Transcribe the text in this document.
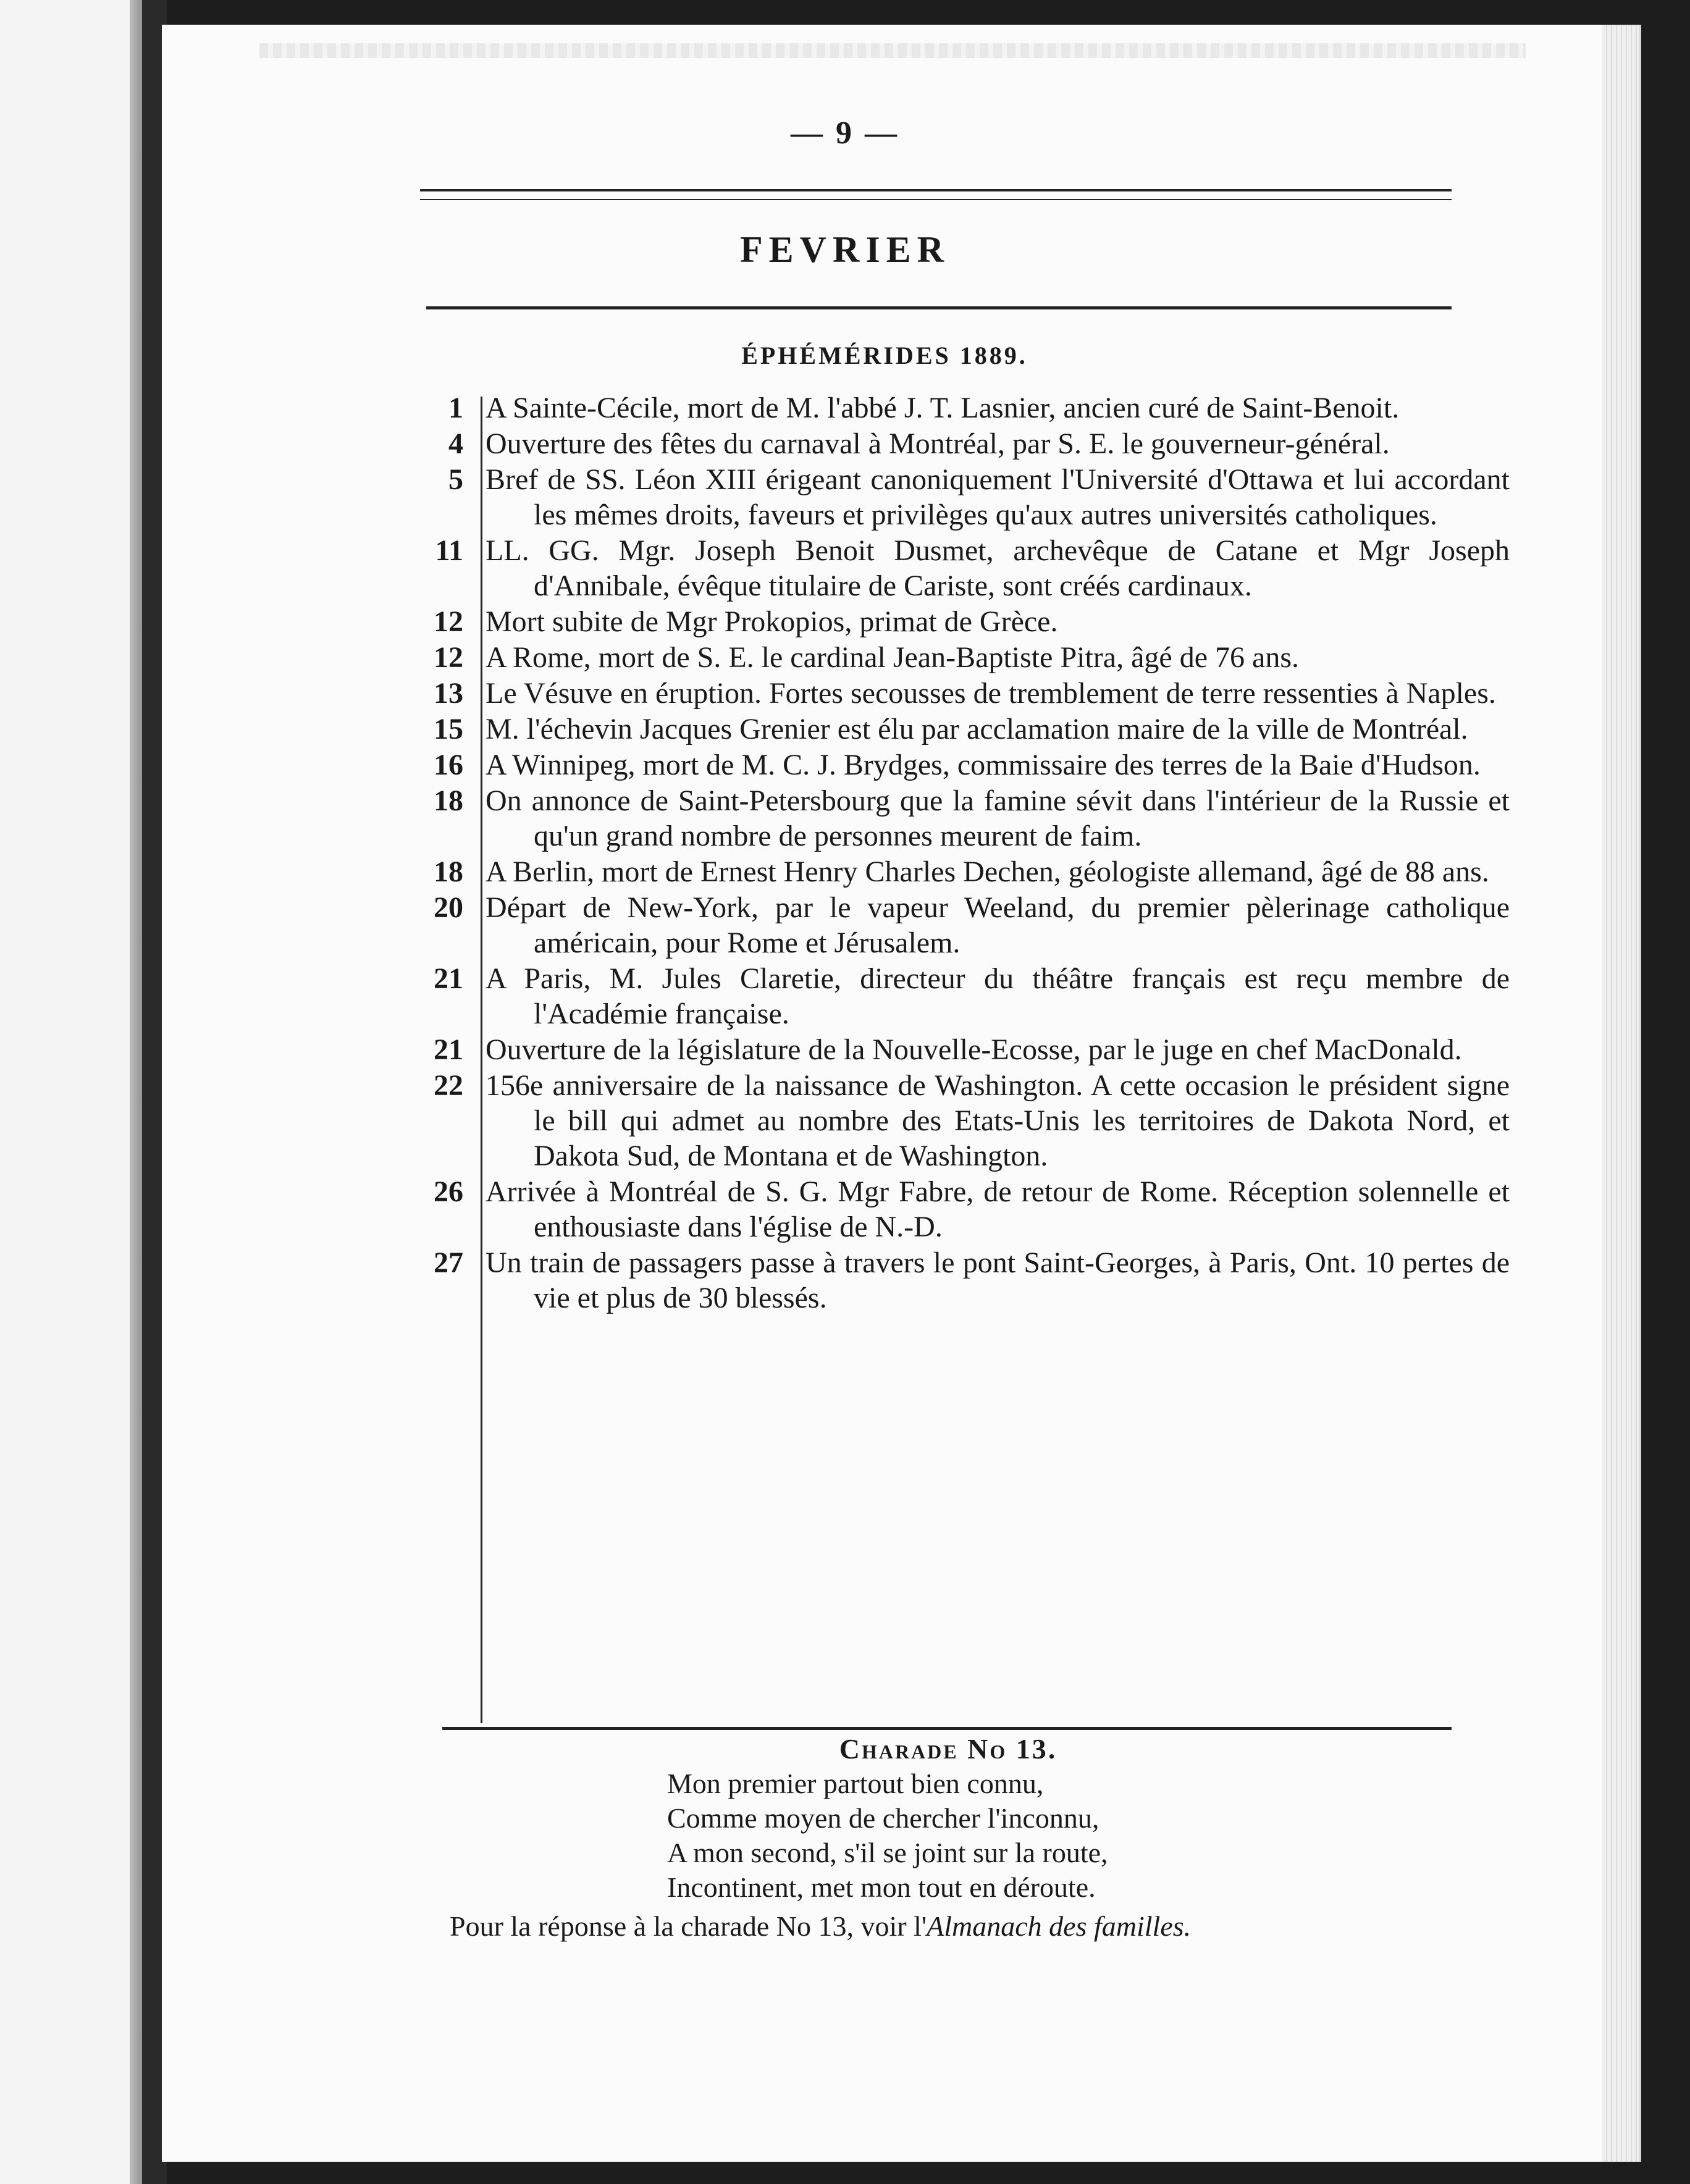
— 9 —
FEVRIER
ÉPHÉMÉRIDES 1889.
1 A Sainte-Cécile, mort de M. l'abbé J. T. Lasnier, ancien curé de Saint-Benoit.
4 Ouverture des fêtes du carnaval à Montréal, par S. E. le gouverneur-général.
5 Bref de SS. Léon XIII érigeant canoniquement l'Université d'Ottawa et lui accordant les mêmes droits, faveurs et privilèges qu'aux autres universités catholiques.
11 LL. GG. Mgr. Joseph Benoit Dusmet, archevêque de Catane et Mgr Joseph d'Annibale, évêque titulaire de Cariste, sont créés cardinaux.
12 Mort subite de Mgr Prokopios, primat de Grèce.
12 A Rome, mort de S. E. le cardinal Jean-Baptiste Pitra, âgé de 76 ans.
13 Le Vésuve en éruption. Fortes secousses de tremblement de terre ressenties à Naples.
15 M. l'échevin Jacques Grenier est élu par acclamation maire de la ville de Montréal.
16 A Winnipeg, mort de M. C. J. Brydges, commissaire des terres de la Baie d'Hudson.
18 On annonce de Saint-Petersbourg que la famine sévit dans l'intérieur de la Russie et qu'un grand nombre de personnes meurent de faim.
18 A Berlin, mort de Ernest Henry Charles Dechen, géologiste allemand, âgé de 88 ans.
20 Départ de New-York, par le vapeur Weeland, du premier pèlerinage catholique américain, pour Rome et Jérusalem.
21 A Paris, M. Jules Claretie, directeur du théâtre français est reçu membre de l'Académie française.
21 Ouverture de la législature de la Nouvelle-Ecosse, par le juge en chef MacDonald.
22 156e anniversaire de la naissance de Washington. A cette occasion le président signe le bill qui admet au nombre des Etats-Unis les territoires de Dakota Nord, et Dakota Sud, de Montana et de Washington.
26 Arrivée à Montréal de S. G. Mgr Fabre, de retour de Rome. Réception solennelle et enthousiaste dans l'église de N.-D.
27 Un train de passagers passe à travers le pont Saint-Georges, à Paris, Ont. 10 pertes de vie et plus de 30 blessés.
Charade No 13.
Mon premier partout bien connu,
Comme moyen de chercher l'inconnu,
A mon second, s'il se joint sur la route,
Incontinent, met mon tout en déroute.
Pour la réponse à la charade No 13, voir l'Almanach des familles.
